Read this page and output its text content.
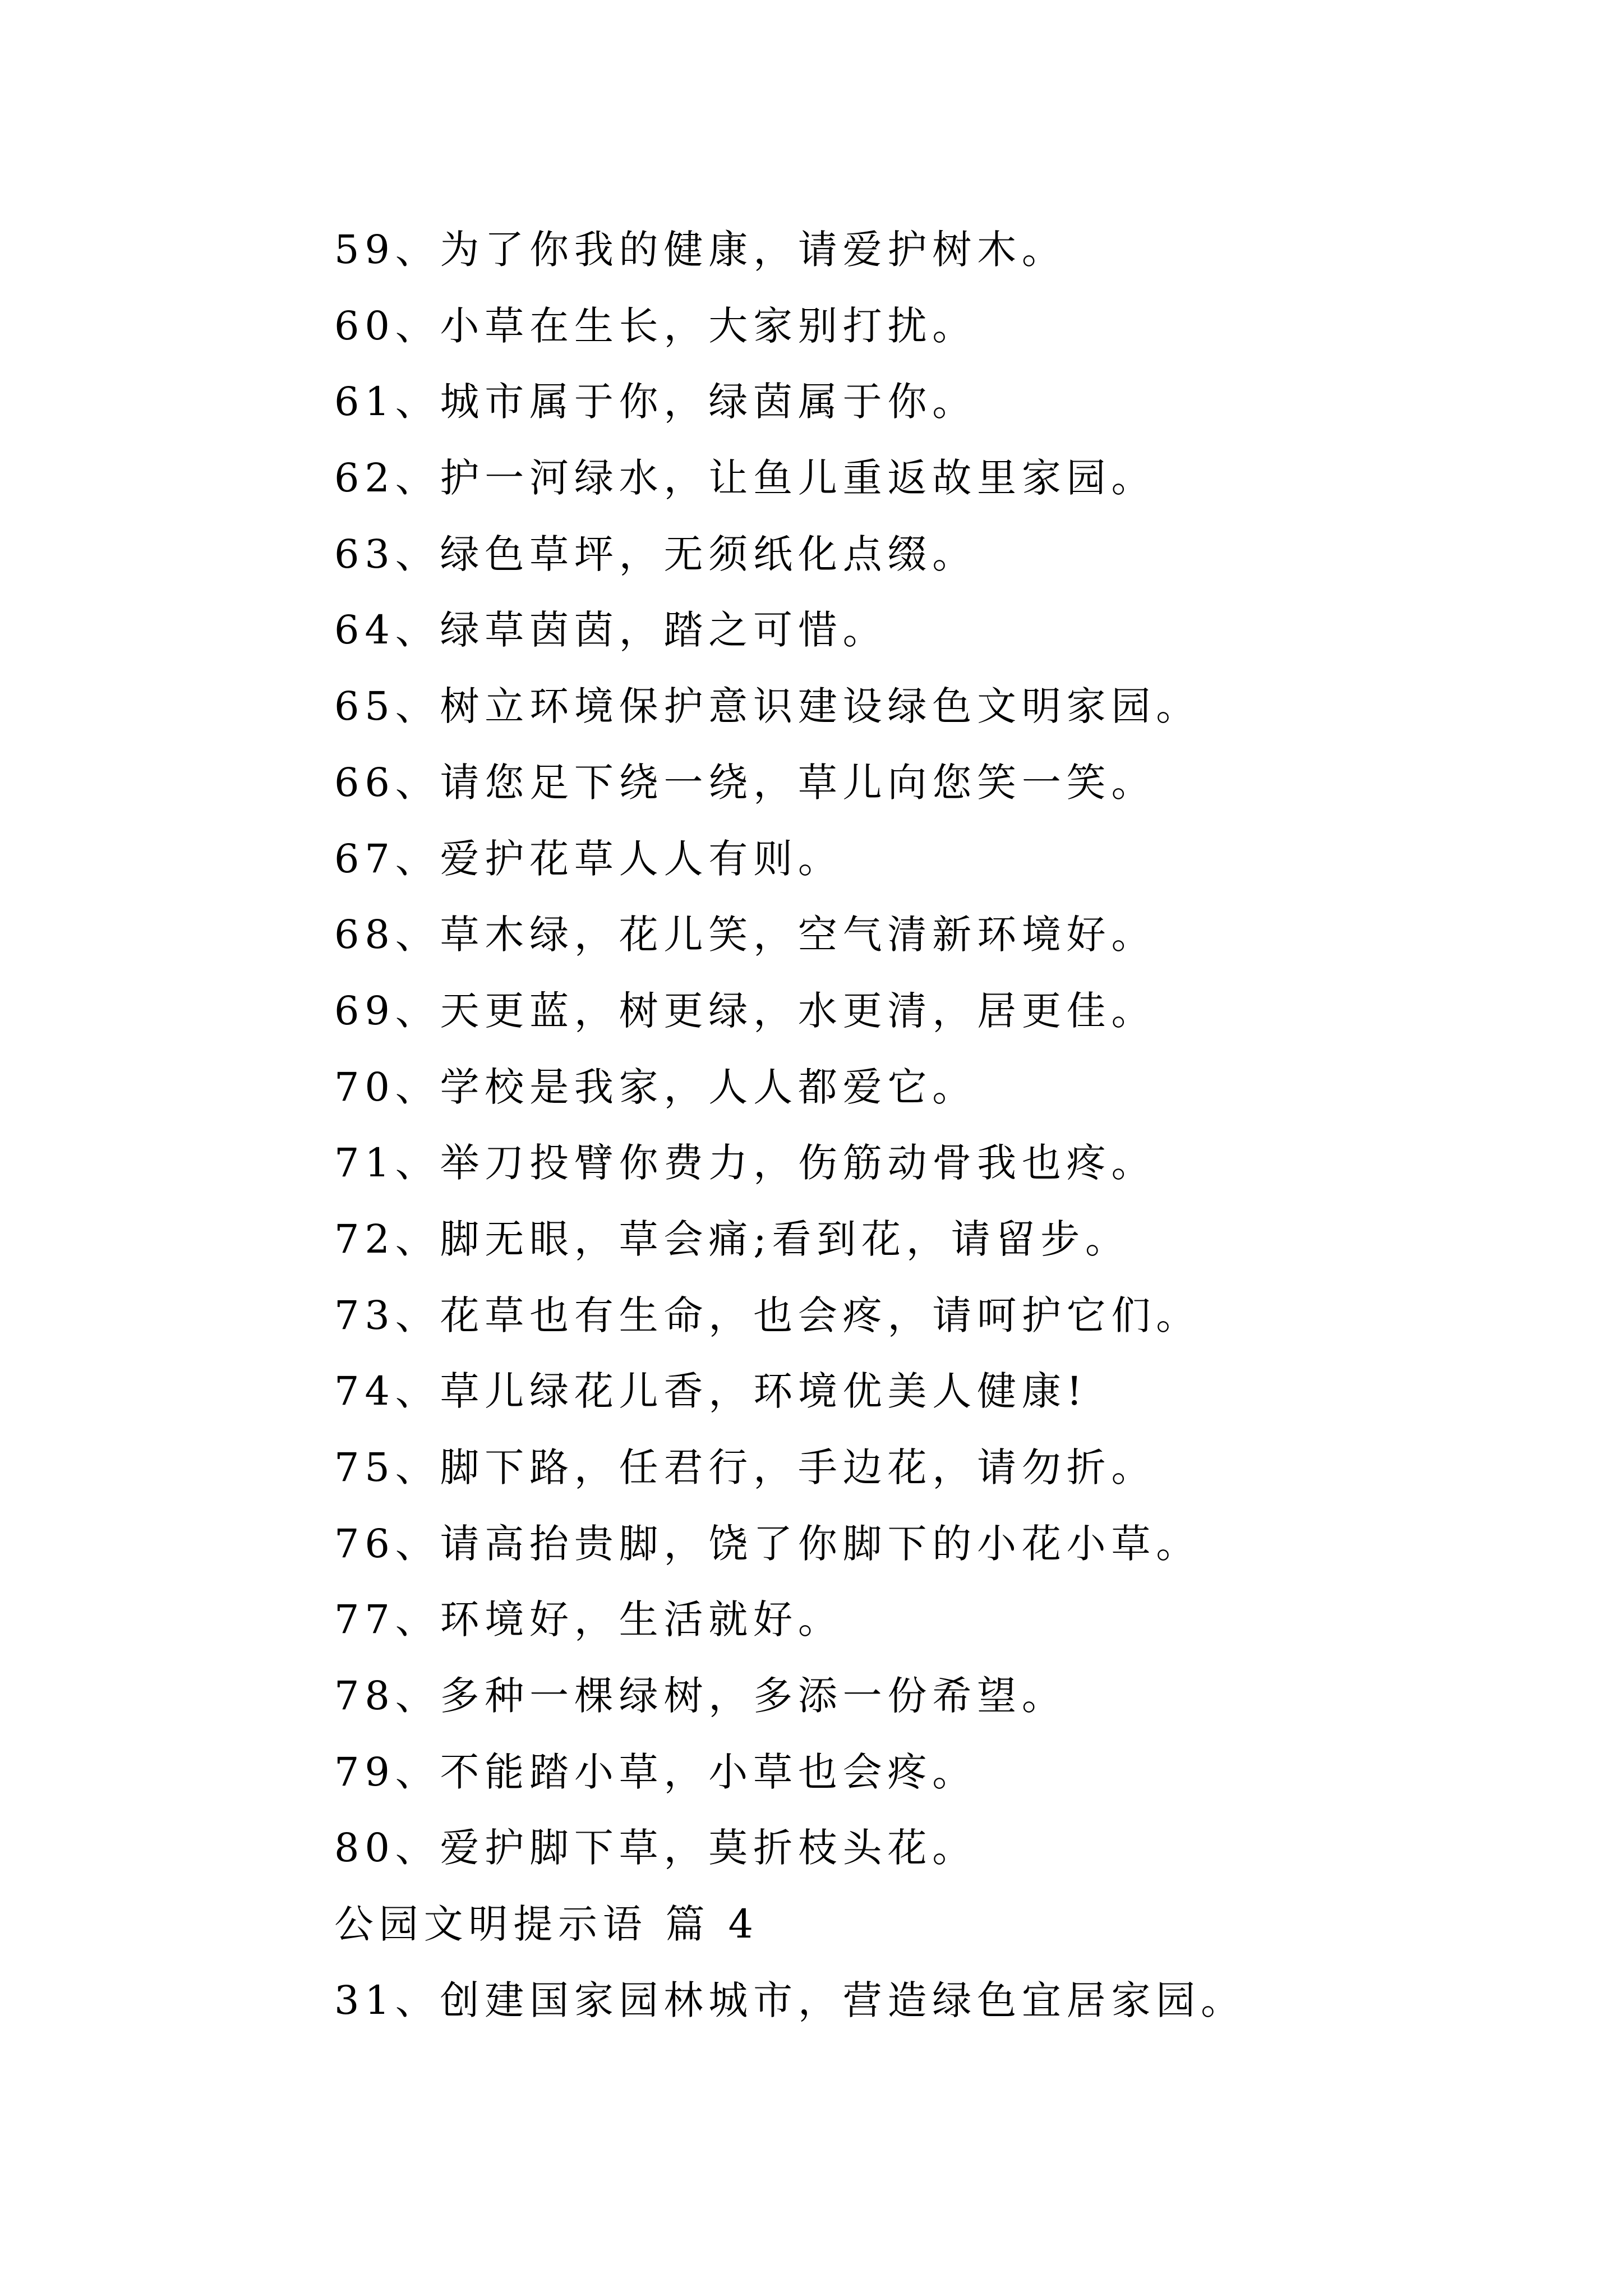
59、为了你我的健康，请爱护树木。
60、小草在生长，大家别打扰。
61、城市属于你，绿茵属于你。
62、护一河绿水，让鱼儿重返故里家园。
63、绿色草坪，无须纸化点缀。
64、绿草茵茵，踏之可惜。
65、树立环境保护意识建设绿色文明家园。
66、请您足下绕一绕，草儿向您笑一笑。
67、爱护花草人人有则。
68、草木绿，花儿笑，空气清新环境好。
69、天更蓝，树更绿，水更清，居更佳。
70、学校是我家，人人都爱它。
71、举刀投臂你费力，伤筋动骨我也疼。
72、脚无眼，草会痛;看到花，请留步。
73、花草也有生命，也会疼，请呵护它们。
74、草儿绿花儿香，环境优美人健康!
75、脚下路，任君行，手边花，请勿折。
76、请高抬贵脚，饶了你脚下的小花小草。
77、环境好，生活就好。
78、多种一棵绿树，多添一份希望。
79、不能踏小草，小草也会疼。
80、爱护脚下草，莫折枝头花。
公园文明提示语 篇 4
31、创建国家园林城市，营造绿色宜居家园。
